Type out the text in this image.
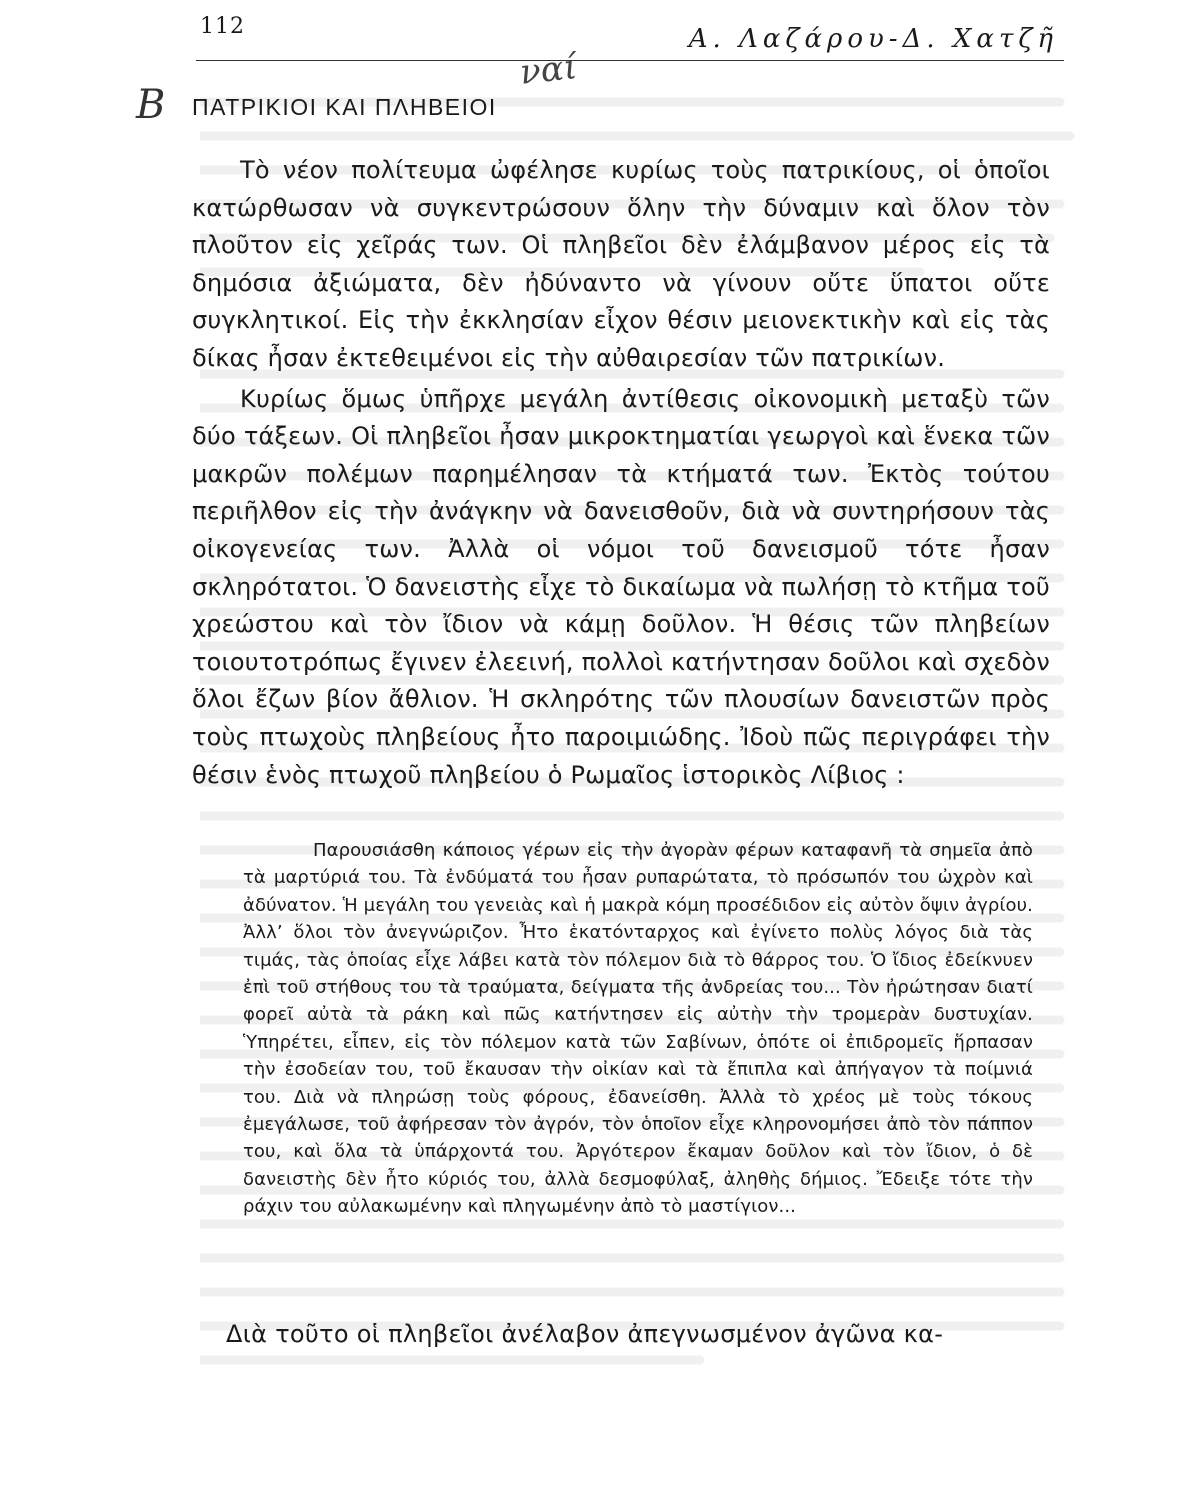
112	Α. Λαζάρου-Δ. Χατζῆ
B
ναί
ΠΑΤΡΙΚΙΟΙ ΚΑΙ ΠΛΗΒΕΙΟΙ

Τὸ νέον πολίτευμα ὠφέλησε κυρίως τοὺς πατρικίους, οἱ ὁποῖοι κατώρθωσαν νὰ συγκεντρώσουν ὅλην τὴν δύναμιν καὶ ὅλον τὸν πλοῦτον εἰς χεῖράς των. Οἱ πληβεῖοι δὲν ἐλάμβανον μέρος εἰς τὰ δημόσια ἀξιώματα, δὲν ἠδύναντο νὰ γίνουν οὔτε ὕπατοι οὔτε συγκλητικοί. Εἰς τὴν ἐκκλησίαν εἶχον θέσιν μειονεκτικὴν καὶ εἰς τὰς δίκας ἦσαν ἐκτεθειμένοι εἰς τὴν αὐθαιρεσίαν τῶν πατρικίων.

Κυρίως ὅμως ὑπῆρχε μεγάλη ἀντίθεσις οἰκονομικὴ μεταξὺ τῶν δύο τάξεων. Οἱ πληβεῖοι ἦσαν μικροκτηματίαι γεωργοὶ καὶ ἕνεκα τῶν μακρῶν πολέμων παρημέλησαν τὰ κτήματά των. Ἐκτὸς τούτου περιῆλθον εἰς τὴν ἀνάγκην νὰ δανεισθοῦν, διὰ νὰ συντηρήσουν τὰς οἰκογενείας των. Ἀλλὰ οἱ νόμοι τοῦ δανεισμοῦ τότε ἦσαν σκληρότατοι. Ὁ δανειστὴς εἶχε τὸ δικαίωμα νὰ πωλήσῃ τὸ κτῆμα τοῦ χρεώστου καὶ τὸν ἴδιον νὰ κάμῃ δοῦλον. Ἡ θέσις τῶν πληβείων τοιουτοτρόπως ἔγινεν ἐλεεινή, πολλοὶ κατήντησαν δοῦλοι καὶ σχεδὸν ὅλοι ἔζων βίον ἄθλιον. Ἡ σκληρότης τῶν πλουσίων δανειστῶν πρὸς τοὺς πτωχοὺς πληβείους ἦτο παροιμιώδης. Ἰδοὺ πῶς περιγράφει τὴν θέσιν ἑνὸς πτωχοῦ πληβείου ὁ Ρωμαῖος ἱστορικὸς Λίβιος :

Παρουσιάσθη κάποιος γέρων εἰς τὴν ἀγορὰν φέρων καταφανῆ τὰ σημεῖα ἀπὸ τὰ μαρτύριά του. Τὰ ἐνδύματά του ἦσαν ρυπαρώτατα, τὸ πρόσωπόν του ὠχρὸν καὶ ἀδύνατον. Ἡ μεγάλη του γενειὰς καὶ ἡ μακρὰ κόμη προσέδιδον εἰς αὐτὸν ὄψιν ἀγρίου. Ἀλλ’ ὅλοι τὸν ἀνεγνώριζον. Ἦτο ἑκατόνταρχος καὶ ἐγίνετο πολὺς λόγος διὰ τὰς τιμάς, τὰς ὁποίας εἶχε λάβει κατὰ τὸν πόλεμον διὰ τὸ θάρρος του. Ὁ ἴδιος ἐδείκνυεν ἐπὶ τοῦ στήθους του τὰ τραύματα, δείγματα τῆς ἀνδρείας του... Τὸν ἠρώτησαν διατί φορεῖ αὐτὰ τὰ ράκη καὶ πῶς κατήντησεν εἰς αὐτὴν τὴν τρομερὰν δυστυχίαν. Ὑπηρέτει, εἶπεν, εἰς τὸν πόλεμον κατὰ τῶν Σαβίνων, ὁπότε οἱ ἐπιδρομεῖς ἥρπασαν τὴν ἐσοδείαν του, τοῦ ἔκαυσαν τὴν οἰκίαν καὶ τὰ ἔπιπλα καὶ ἀπήγαγον τὰ ποίμνιά του. Διὰ νὰ πληρώσῃ τοὺς φόρους, ἐδανείσθη. Ἀλλὰ τὸ χρέος μὲ τοὺς τόκους ἐμεγάλωσε, τοῦ ἀφήρεσαν τὸν ἀγρόν, τὸν ὁποῖον εἶχε κληρονομήσει ἀπὸ τὸν πάππον του, καὶ ὅλα τὰ ὑπάρχοντά του. Ἀργότερον ἔκαμαν δοῦλον καὶ τὸν ἴδιον, ὁ δὲ δανειστὴς δὲν ἦτο κύριός του, ἀλλὰ δεσμοφύλαξ, ἀληθὴς δήμιος. Ἔδειξε τότε τὴν ράχιν του αὐλακωμένην καὶ πληγωμένην ἀπὸ τὸ μαστίγιον...

Διὰ τοῦτο οἱ πληβεῖοι ἀνέλαβον ἀπεγνωσμένον ἀγῶνα κα-
